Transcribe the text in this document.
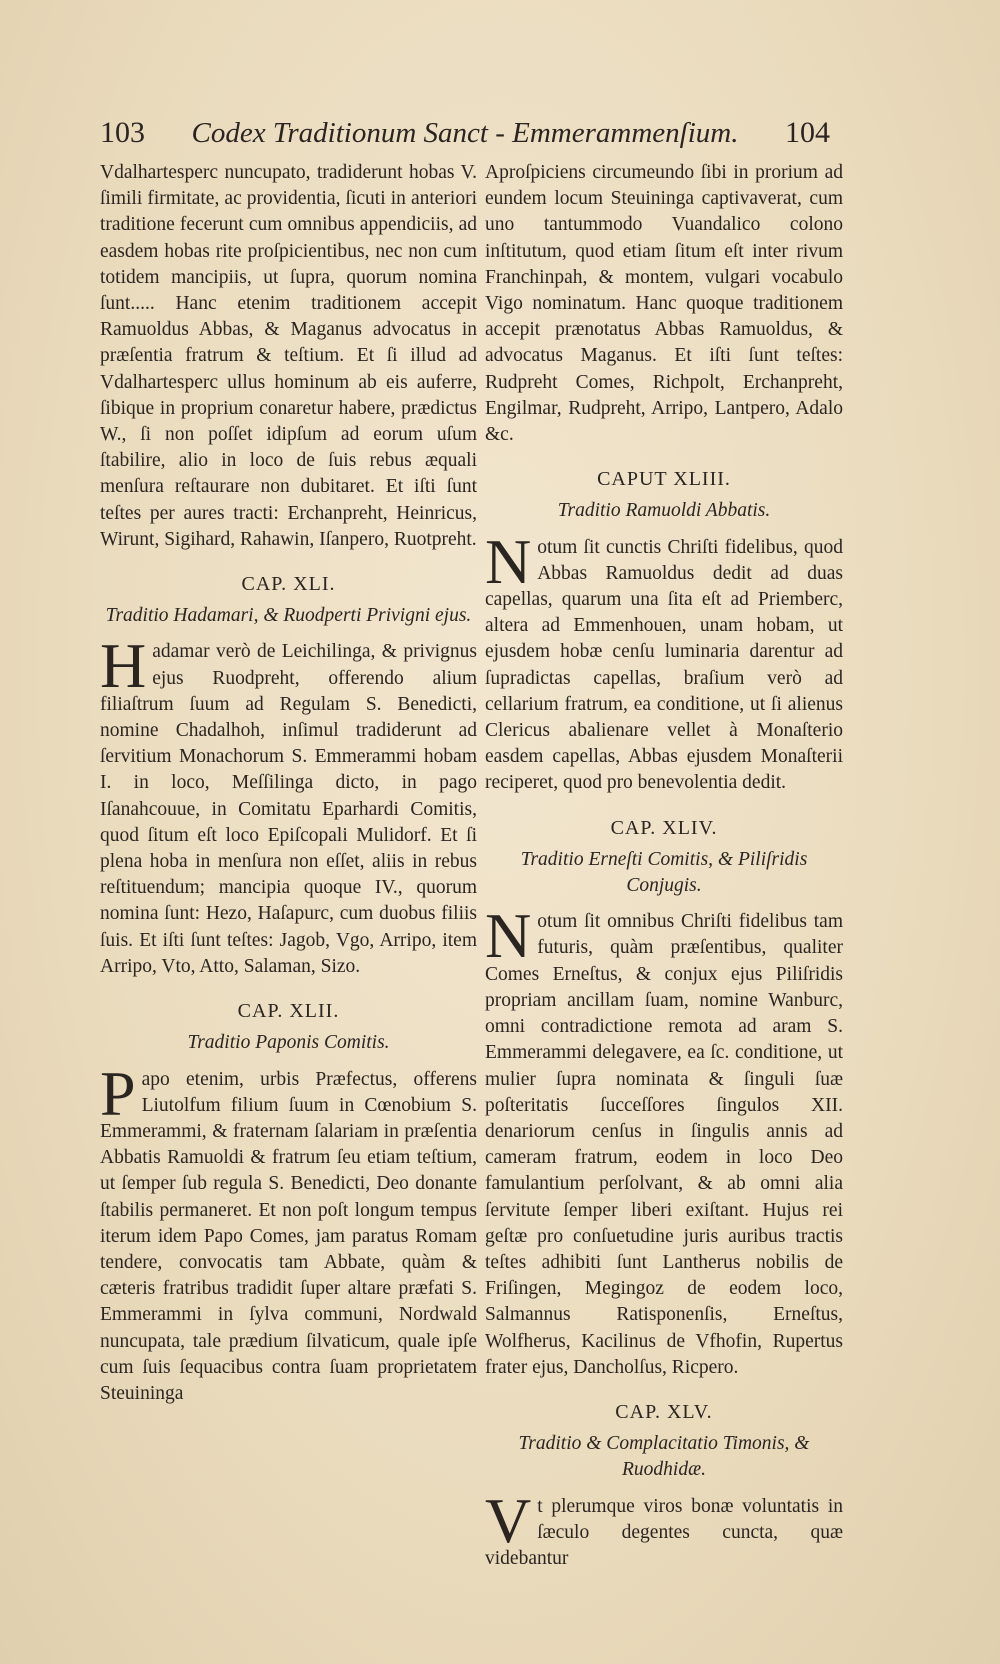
103 Codex Traditionum Sanct - Emmerammenſium. 104

Vdalhartesperc nuncupato, tradiderunt hobas V. ſimili firmitate, ac providentia, ſicuti in anteriori traditione fecerunt cum omnibus appendiciis, ad easdem hobas rite proſpicientibus, nec non cum totidem mancipiis, ut ſupra, quorum nomina ſunt..... Hanc etenim traditionem accepit Ramuoldus Abbas, & Maganus advocatus in præſentia fratrum & teſtium. Et ſi illud ad Vdalhartesperc ullus hominum ab eis auferre, ſibique in proprium conaretur habere, prædictus W., ſi non poſſet idipſum ad eorum uſum ſtabilire, alio in loco de ſuis rebus æquali menſura reſtaurare non dubitaret. Et iſti ſunt teſtes per aures tracti: Erchanpreht, Heinricus, Wirunt, Sigihard, Rahawin, Iſanpero, Ruotpreht.

CAP. XLI.
Traditio Hadamari, & Ruodperti Privigni ejus.

Hadamar verò de Leichilinga, & privignus ejus Ruodpreht, offerendo alium filiaſtrum ſuum ad Regulam S. Benedicti, nomine Chadalhoh, inſimul tradiderunt ad ſervitium Monachorum S. Emmerammi hobam I. in loco, Meſſilinga dicto, in pago Iſanahcouue, in Comitatu Eparhardi Comitis, quod ſitum eſt loco Epiſcopali Mulidorf. Et ſi plena hoba in menſura non eſſet, aliis in rebus reſtituendum; mancipia quoque IV., quorum nomina ſunt: Hezo, Haſapurc, cum duobus filiis ſuis. Et iſti ſunt teſtes: Jagob, Vgo, Arripo, item Arripo, Vto, Atto, Salaman, Sizo.

CAP. XLII.
Traditio Paponis Comitis.

Papo etenim, urbis Præfectus, offerens Liutolfum filium ſuum in Cœnobium S. Emmerammi, & fraternam ſalariam in præſentia Abbatis Ramuoldi & fratrum ſeu etiam teſtium, ut ſemper ſub regula S. Benedicti, Deo donante ſtabilis permaneret. Et non poſt longum tempus iterum idem Papo Comes, jam paratus Romam tendere, convocatis tam Abbate, quàm & cæteris fratribus tradidit ſuper altare præfati S. Emmerammi in ſylva communi, Nordwald nuncupata, tale prædium ſilvaticum, quale ipſe cum ſuis ſequacibus contra ſuam proprietatem Steuininga

Aproſpiciens circumeundo ſibi in prorium ad eundem locum Steuininga captivaverat, cum uno tantummodo Vuandalico colono inſtitutum, quod etiam ſitum eſt inter rivum Franchinpah, & montem, vulgari vocabulo Vigo nominatum. Hanc quoque traditionem accepit prænotatus Abbas Ramuoldus, & advocatus Maganus. Et iſti ſunt teſtes: Rudpreht Comes, Richpolt, Erchanpreht, Engilmar, Rudpreht, Arripo, Lantpero, Adalo &c.

CAPUT XLIII.
Traditio Ramuoldi Abbatis.

Notum ſit cunctis Chriſti fidelibus, quod Abbas Ramuoldus dedit ad duas capellas, quarum una ſita eſt ad Priemberc, altera ad Emmenhouen, unam hobam, ut ejusdem hobæ cenſu luminaria darentur ad ſupradictas capellas, braſium verò ad cellarium fratrum, ea conditione, ut ſi alienus Clericus abalienare vellet à Monaſterio easdem capellas, Abbas ejusdem Monaſterii reciperet, quod pro benevolentia dedit.

CAP. XLIV.
Traditio Erneſti Comitis, & Piliſridis Conjugis.

Notum ſit omnibus Chriſti fidelibus tam futuris, quàm præſentibus, qualiter Comes Erneſtus, & conjux ejus Piliſridis propriam ancillam ſuam, nomine Wanburc, omni contradictione remota ad aram S. Emmerammi delegavere, ea ſc. conditione, ut mulier ſupra nominata & ſinguli ſuæ poſteritatis ſucceſſores ſingulos XII. denariorum cenſus in ſingulis annis ad cameram fratrum, eodem in loco Deo famulantium perſolvant, & ab omni alia ſervitute ſemper liberi exiſtant. Hujus rei geſtæ pro conſuetudine juris auribus tractis teſtes adhibiti ſunt Lantherus nobilis de Friſingen, Megingoz de eodem loco, Salmannus Ratisponenſis, Erneſtus, Wolfherus, Kacilinus de Vfhofin, Rupertus frater ejus, Dancholſus, Ricpero.

CAP. XLV.
Traditio & Complacitatio Timonis, & Ruodhidæ.

Vt plerumque viros bonæ voluntatis in ſæculo degentes cuncta, quæ videbantur
